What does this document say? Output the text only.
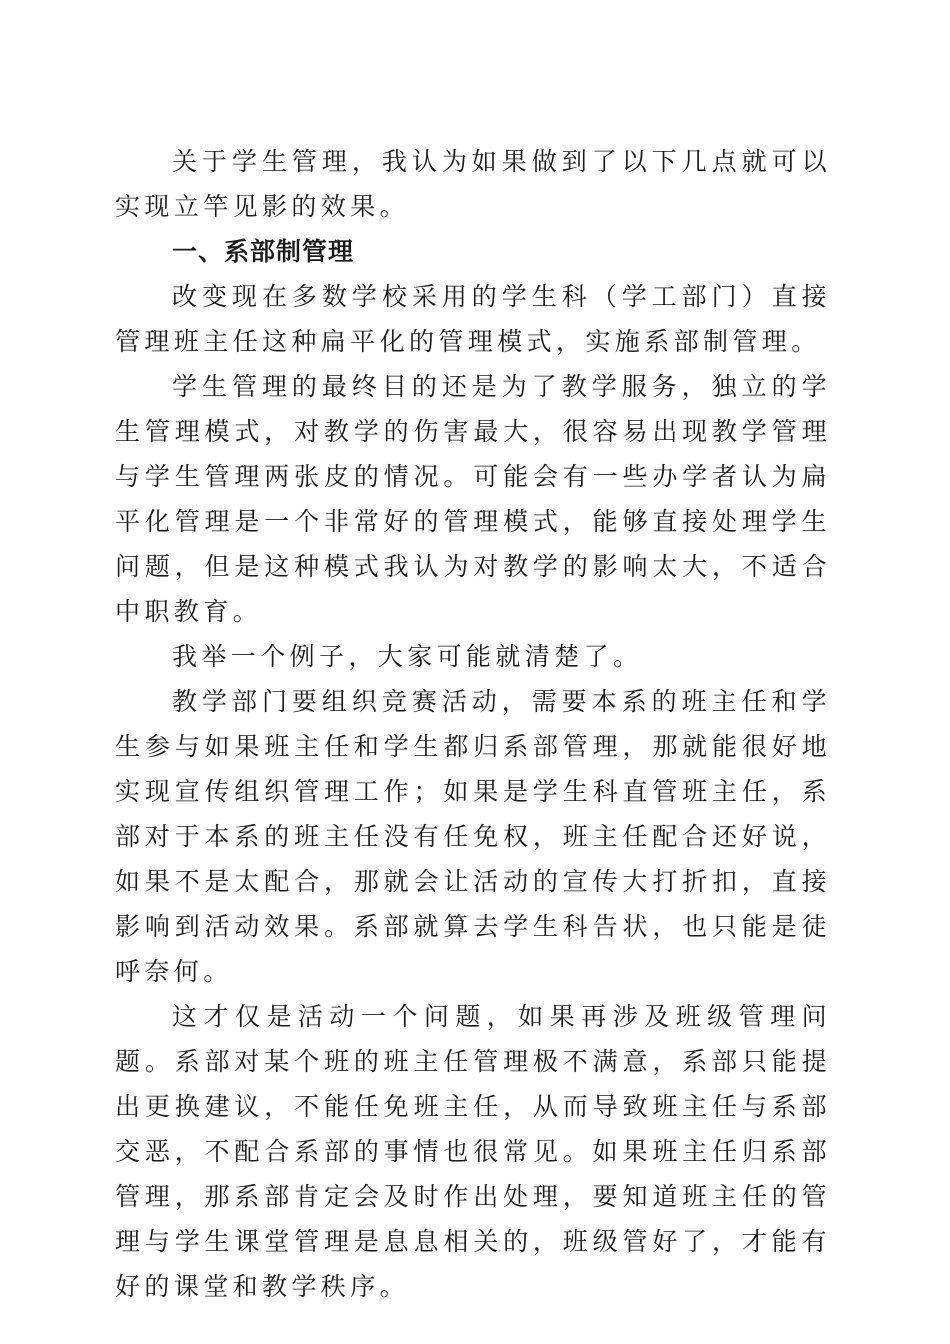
关于学生管理，我认为如果做到了以下几点就可以实现立竿见影的效果。

一、系部制管理

改变现在多数学校采用的学生科（学工部门）直接管理班主任这种扁平化的管理模式，实施系部制管理。

学生管理的最终目的还是为了教学服务，独立的学生管理模式，对教学的伤害最大，很容易出现教学管理与学生管理两张皮的情况。可能会有一些办学者认为扁平化管理是一个非常好的管理模式，能够直接处理学生问题，但是这种模式我认为对教学的影响太大，不适合中职教育。

我举一个例子，大家可能就清楚了。

教学部门要组织竞赛活动，需要本系的班主任和学生参与如果班主任和学生都归系部管理，那就能很好地实现宣传组织管理工作；如果是学生科直管班主任，系部对于本系的班主任没有任免权，班主任配合还好说，如果不是太配合，那就会让活动的宣传大打折扣，直接影响到活动效果。系部就算去学生科告状，也只能是徒呼奈何。

这才仅是活动一个问题，如果再涉及班级管理问题。系部对某个班的班主任管理极不满意，系部只能提出更换建议，不能任免班主任，从而导致班主任与系部交恶，不配合系部的事情也很常见。如果班主任归系部管理，那系部肯定会及时作出处理，要知道班主任的管理与学生课堂管理是息息相关的，班级管好了，才能有好的课堂和教学秩序。
